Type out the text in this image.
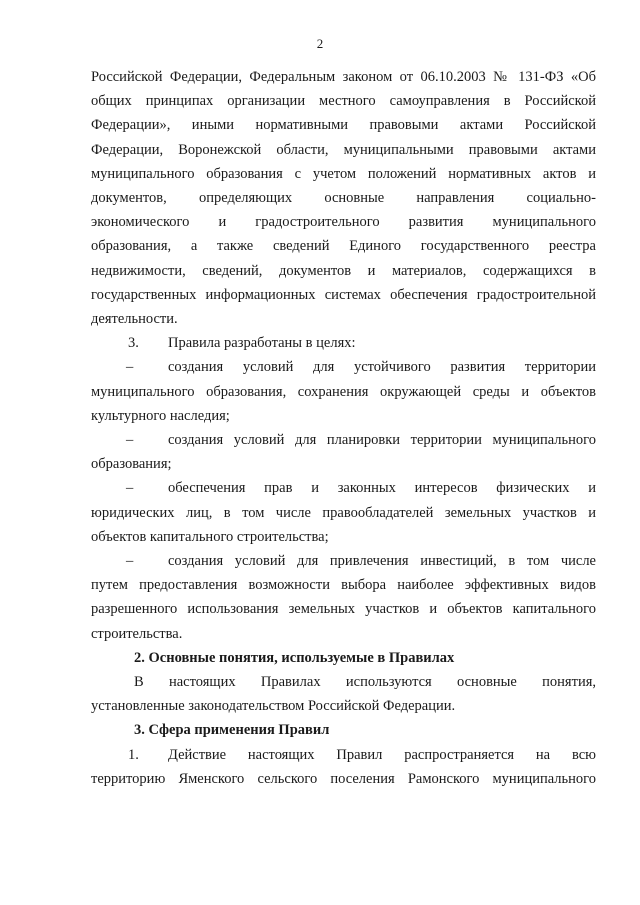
2
Российской Федерации, Федеральным законом от 06.10.2003 № 131-ФЗ «Об
общих принципах организации местного самоуправления в Российской
Федерации», иными нормативными правовыми актами Российской
Федерации, Воронежской области, муниципальными правовыми актами
муниципального образования с учетом положений нормативных актов и
документов, определяющих основные направления социально-
экономического и градостроительного развития муниципального
образования, а также сведений Единого государственного реестра
недвижимости, сведений, документов и материалов, содержащихся в
государственных информационных системах обеспечения градостроительной
деятельности.
3. Правила разработаны в целях:
– создания условий для устойчивого развития территории
муниципального образования, сохранения окружающей среды и объектов
культурного наследия;
– создания условий для планировки территории муниципального
образования;
– обеспечения прав и законных интересов физических и
юридических лиц, в том числе правообладателей земельных участков и
объектов капитального строительства;
– создания условий для привлечения инвестиций, в том числе
путем предоставления возможности выбора наиболее эффективных видов
разрешенного использования земельных участков и объектов капитального
строительства.
2. Основные понятия, используемые в Правилах
В настоящих Правилах используются основные понятия,
установленные законодательством Российской Федерации.
3. Сфера применения Правил
1. Действие настоящих Правил распространяется на всю
территорию Яменского сельского поселения Рамонского муниципального
